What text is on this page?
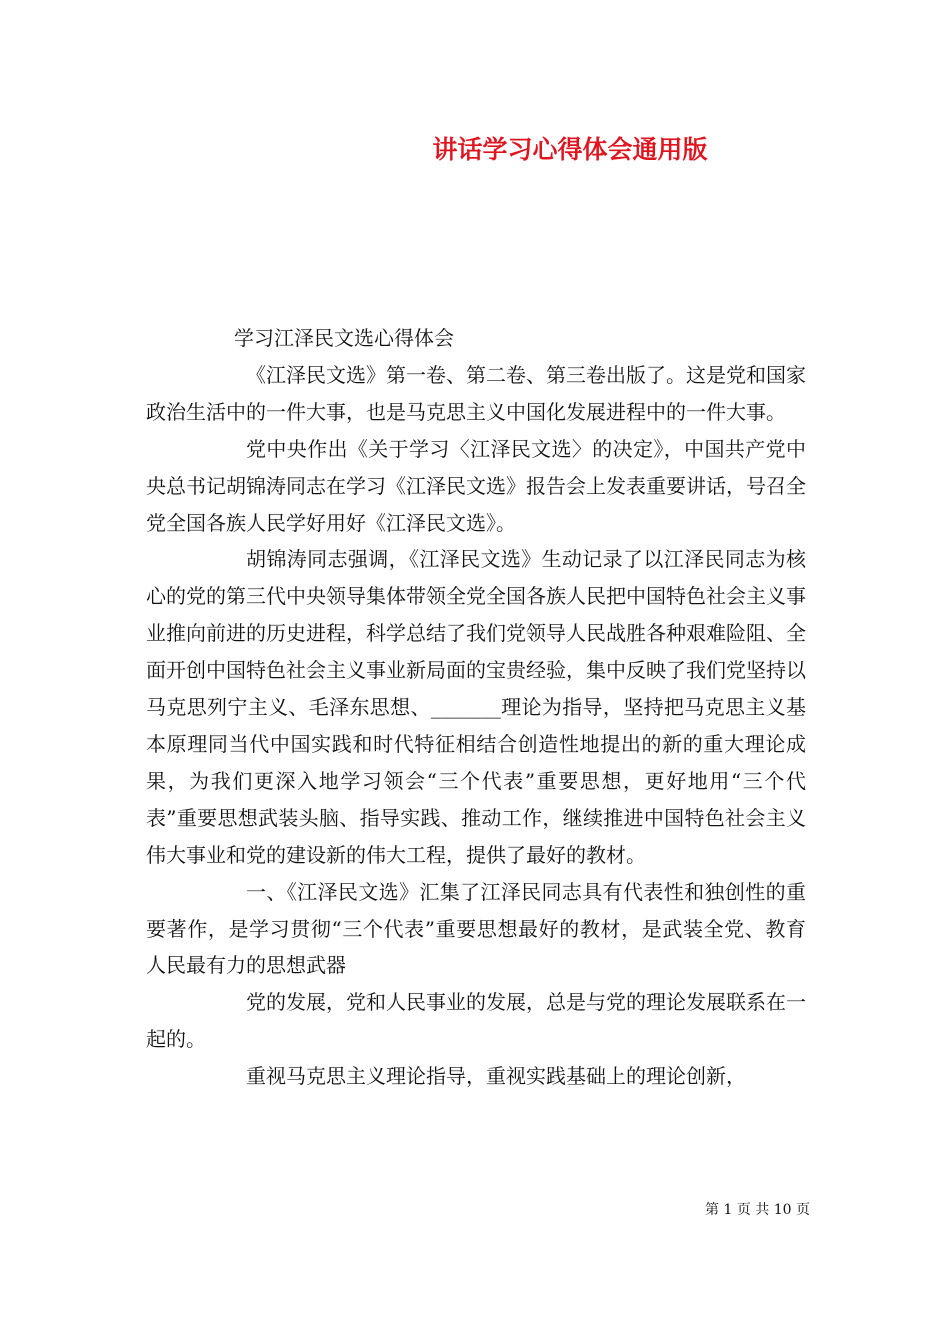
讲话学习心得体会通用版

学习江泽民文选心得体会

《江泽民文选》第一卷、第二卷、第三卷出版了。这是党和国家政治生活中的一件大事，也是马克思主义中国化发展进程中的一件大事。

党中央作出《关于学习〈江泽民文选〉的决定》，中国共产党中央总书记胡锦涛同志在学习《江泽民文选》报告会上发表重要讲话，号召全党全国各族人民学好用好《江泽民文选》。

胡锦涛同志强调，《江泽民文选》生动记录了以江泽民同志为核心的党的第三代中央领导集体带领全党全国各族人民把中国特色社会主义事业推向前进的历史进程，科学总结了我们党领导人民战胜各种艰难险阻、全面开创中国特色社会主义事业新局面的宝贵经验，集中反映了我们党坚持以马克思列宁主义、毛泽东思想、_______理论为指导，坚持把马克思主义基本原理同当代中国实践和时代特征相结合创造性地提出的新的重大理论成果，为我们更深入地学习领会“三个代表”重要思想，更好地用“三个代表”重要思想武装头脑、指导实践、推动工作，继续推进中国特色社会主义伟大事业和党的建设新的伟大工程，提供了最好的教材。

一、《江泽民文选》汇集了江泽民同志具有代表性和独创性的重要著作，是学习贯彻“三个代表”重要思想最好的教材，是武装全党、教育人民最有力的思想武器

党的发展，党和人民事业的发展，总是与党的理论发展联系在一起的。

重视马克思主义理论指导，重视实践基础上的理论创新，

第 1 页 共 10 页
